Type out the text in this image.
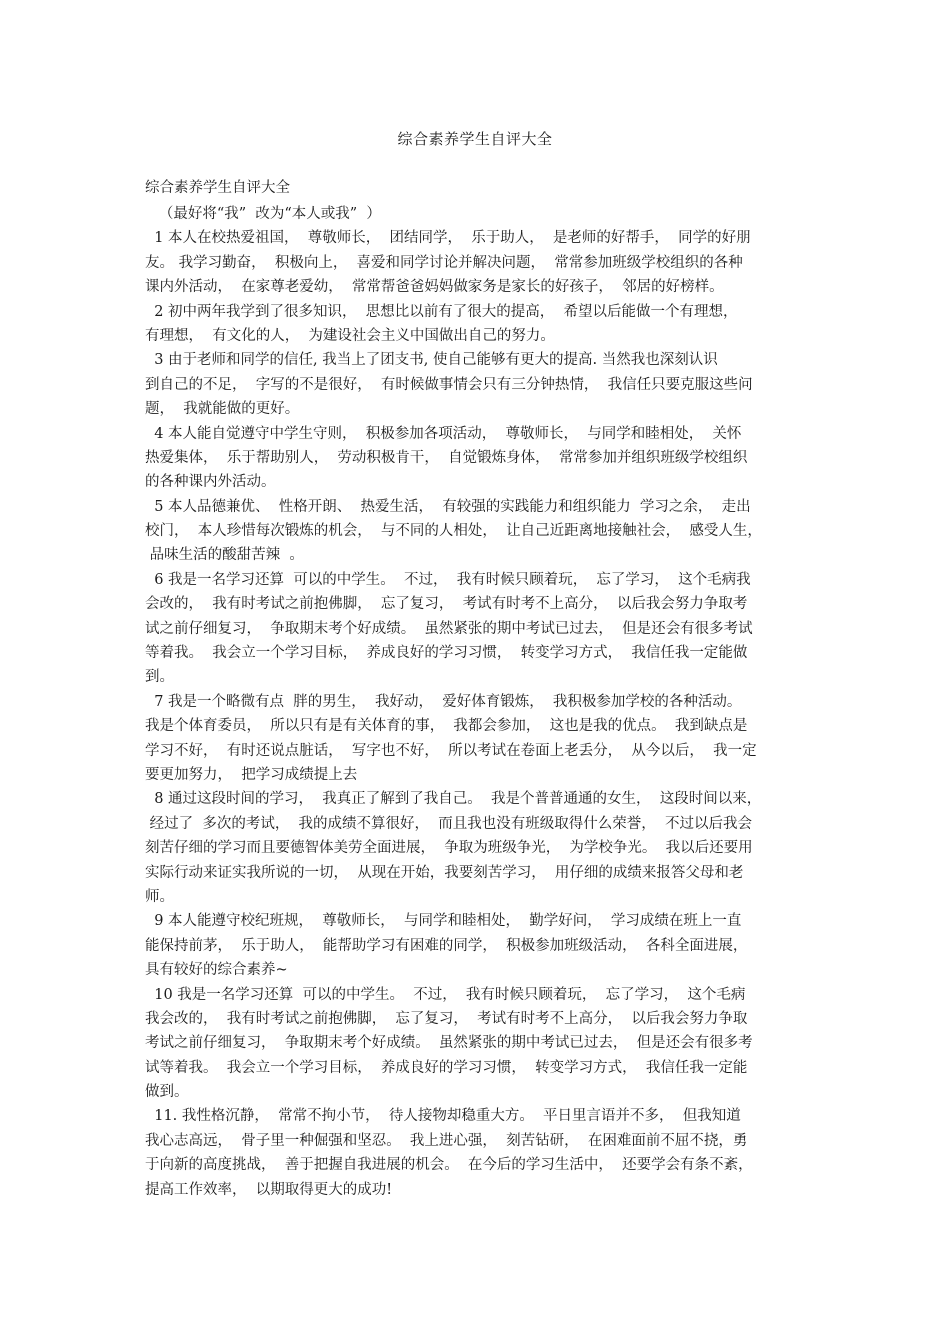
综合素养学生自评大全
综合素养学生自评大全
（最好将“我”  改为“本人或我”  ）
1 本人在校热爱祖国，  尊敬师长，  团结同学，  乐于助人，  是老师的好帮手，  同学的好朋
友。 我学习勤奋，  积极向上，  喜爱和同学讨论并解决问题，  常常参加班级学校组织的各种
课内外活动，  在家尊老爱幼，  常常帮爸爸妈妈做家务是家长的好孩子，  邻居的好榜样。
2 初中两年我学到了很多知识，  思想比以前有了很大的提高，  希望以后能做一个有理想，
有理想，  有文化的人，  为建设社会主义中国做出自己的努力。
3 由于老师和同学的信任, 我当上了团支书, 使自己能够有更大的提高. 当然我也深刻认识
到自己的不足，  字写的不是很好，  有时候做事情会只有三分钟热情，  我信任只要克服这些问
题，  我就能做的更好。
4 本人能自觉遵守中学生守则，  积极参加各项活动，  尊敬师长，  与同学和睦相处，  关怀
热爱集体，  乐于帮助别人，  劳动积极肯干，  自觉锻炼身体，  常常参加并组织班级学校组织
的各种课内外活动。
5 本人品德兼优、  性格开朗、  热爱生活，  有较强的实践能力和组织能力  学习之余，  走出
校门，  本人珍惜每次锻炼的机会，  与不同的人相处，  让自己近距离地接触社会，  感受人生，
品味生活的酸甜苦辣  。
6 我是一名学习还算  可以的中学生。  不过，  我有时候只顾着玩，  忘了学习，  这个毛病我
会改的，  我有时考试之前抱佛脚，  忘了复习，  考试有时考不上高分，  以后我会努力争取考
试之前仔细复习，  争取期末考个好成绩。  虽然紧张的期中考试已过去，  但是还会有很多考试
等着我。  我会立一个学习目标，  养成良好的学习习惯，  转变学习方式，  我信任我一定能做
到。
7 我是一个略微有点  胖的男生，  我好动，  爱好体育锻炼，  我积极参加学校的各种活动。
我是个体育委员，  所以只有是有关体育的事，  我都会参加，  这也是我的优点。  我到缺点是
学习不好，  有时还说点脏话，  写字也不好，  所以考试在卷面上老丢分，  从今以后，  我一定
要更加努力，  把学习成绩提上去
8 通过这段时间的学习，  我真正了解到了我自己。  我是个普普通通的女生，  这段时间以来，
经过了  多次的考试，  我的成绩不算很好，  而且我也没有班级取得什么荣誉，  不过以后我会
刻苦仔细的学习而且要德智体美劳全面进展，  争取为班级争光，  为学校争光。  我以后还要用
实际行动来证实我所说的一切，  从现在开始，我要刻苦学习，  用仔细的成绩来报答父母和老
师。
9 本人能遵守校纪班规，  尊敬师长，  与同学和睦相处，  勤学好问，  学习成绩在班上一直
能保持前茅，  乐于助人，  能帮助学习有困难的同学，  积极参加班级活动，  各科全面进展，
具有较好的综合素养~
10 我是一名学习还算  可以的中学生。  不过，  我有时候只顾着玩，  忘了学习，  这个毛病
我会改的，  我有时考试之前抱佛脚，  忘了复习，  考试有时考不上高分，  以后我会努力争取
考试之前仔细复习，  争取期末考个好成绩。  虽然紧张的期中考试已过去，  但是还会有很多考
试等着我。  我会立一个学习目标，  养成良好的学习习惯，  转变学习方式，  我信任我一定能
做到。
11. 我性格沉静，  常常不拘小节，  待人接物却稳重大方。  平日里言语并不多，  但我知道
我心志高远，  骨子里一种倔强和坚忍。  我上进心强，  刻苦钻研，  在困难面前不屈不挠，勇
于向新的高度挑战，  善于把握自我进展的机会。  在今后的学习生活中，  还要学会有条不紊，
提高工作效率，  以期取得更大的成功!
